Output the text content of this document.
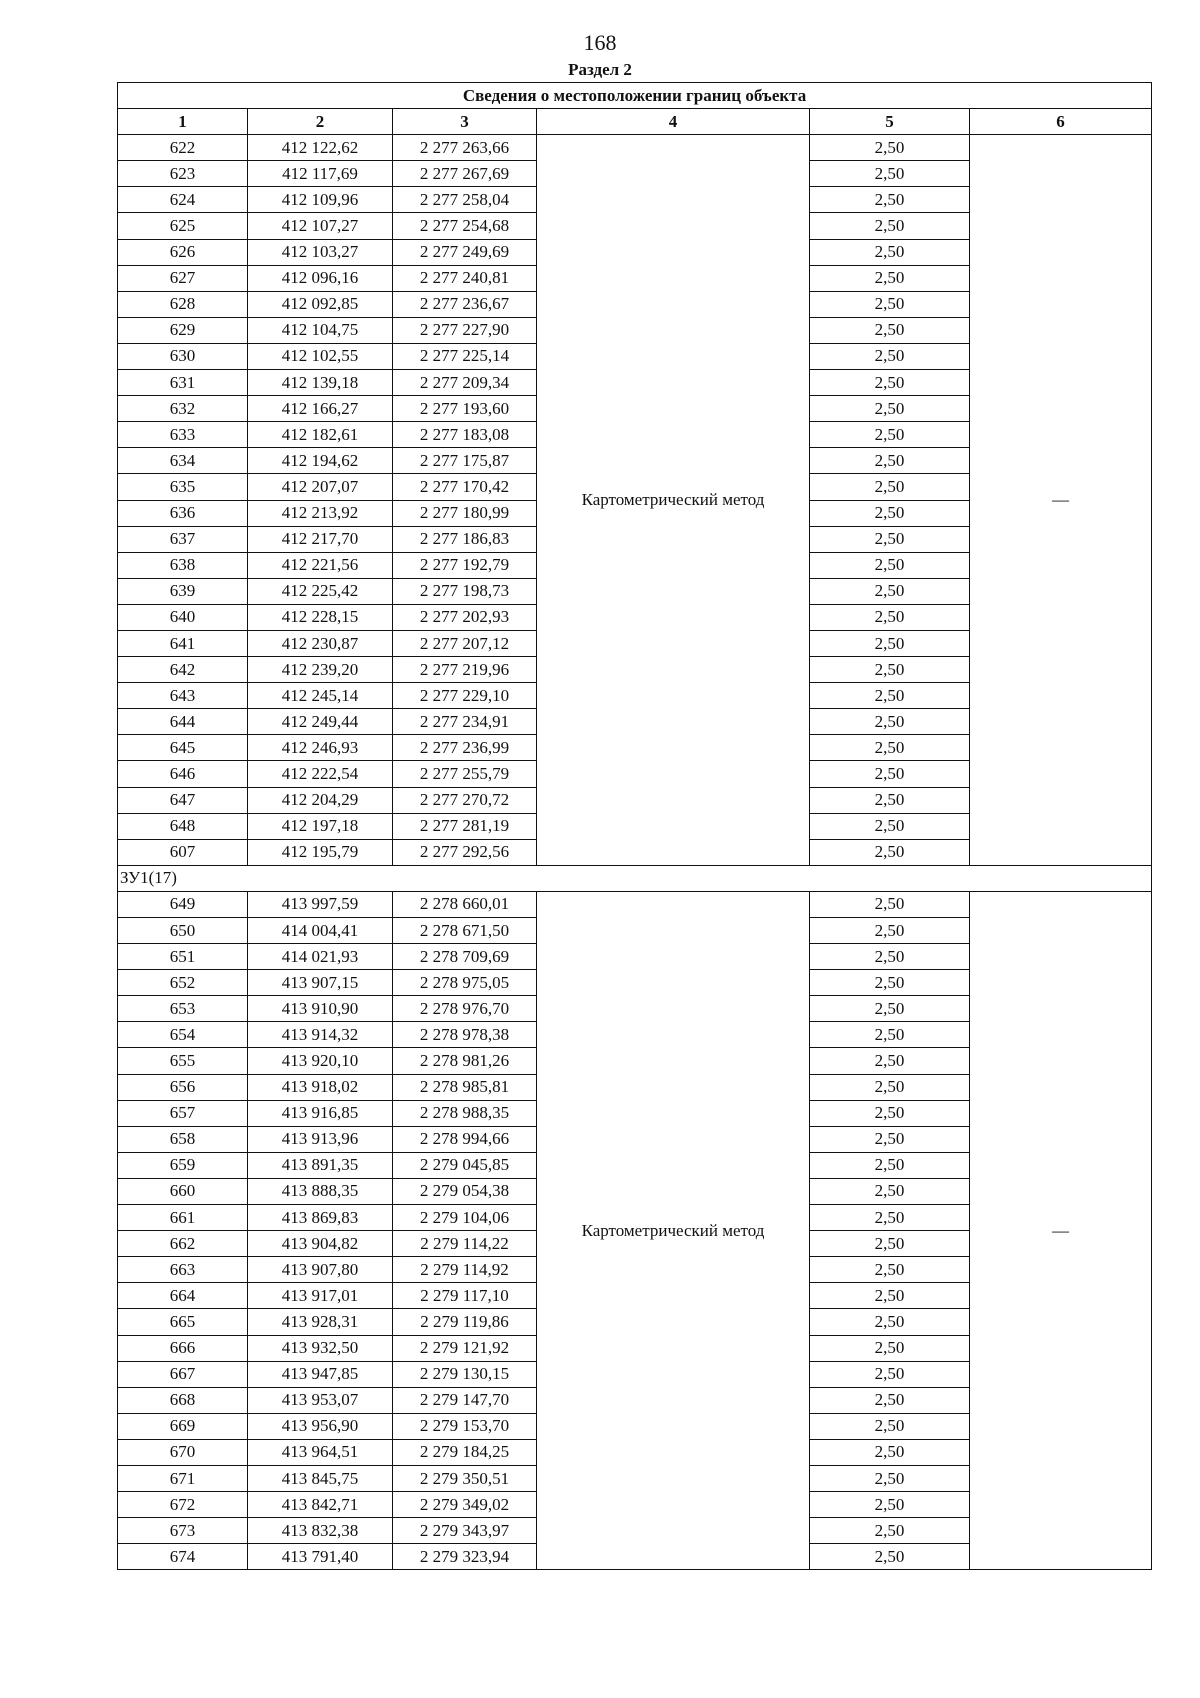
168
Раздел 2
Сведения о местоположении границ объекта					
1	2	3	4	5	6
622	412 122,62	2 277 263,66	Картометрический метод	2,50	—
623	412 117,69	2 277 267,69		2,50	
624	412 109,96	2 277 258,04		2,50	
625	412 107,27	2 277 254,68		2,50	
626	412 103,27	2 277 249,69		2,50	
627	412 096,16	2 277 240,81		2,50	
628	412 092,85	2 277 236,67		2,50	
629	412 104,75	2 277 227,90		2,50	
630	412 102,55	2 277 225,14		2,50	
631	412 139,18	2 277 209,34		2,50	
632	412 166,27	2 277 193,60		2,50	
633	412 182,61	2 277 183,08		2,50	
634	412 194,62	2 277 175,87		2,50	
635	412 207,07	2 277 170,42		2,50	
636	412 213,92	2 277 180,99		2,50	
637	412 217,70	2 277 186,83		2,50	
638	412 221,56	2 277 192,79		2,50	
639	412 225,42	2 277 198,73		2,50	
640	412 228,15	2 277 202,93		2,50	
641	412 230,87	2 277 207,12		2,50	
642	412 239,20	2 277 219,96		2,50	
643	412 245,14	2 277 229,10		2,50	
644	412 249,44	2 277 234,91		2,50	
645	412 246,93	2 277 236,99		2,50	
646	412 222,54	2 277 255,79		2,50	
647	412 204,29	2 277 270,72		2,50	
648	412 197,18	2 277 281,19		2,50	
607	412 195,79	2 277 292,56		2,50	
ЗУ1(17)					
649	413 997,59	2 278 660,01	Картометрический метод	2,50	—
650	414 004,41	2 278 671,50		2,50	
651	414 021,93	2 278 709,69		2,50	
652	413 907,15	2 278 975,05		2,50	
653	413 910,90	2 278 976,70		2,50	
654	413 914,32	2 278 978,38		2,50	
655	413 920,10	2 278 981,26		2,50	
656	413 918,02	2 278 985,81		2,50	
657	413 916,85	2 278 988,35		2,50	
658	413 913,96	2 278 994,66		2,50	
659	413 891,35	2 279 045,85		2,50	
660	413 888,35	2 279 054,38		2,50	
661	413 869,83	2 279 104,06		2,50	
662	413 904,82	2 279 114,22		2,50	
663	413 907,80	2 279 114,92		2,50	
664	413 917,01	2 279 117,10		2,50	
665	413 928,31	2 279 119,86		2,50	
666	413 932,50	2 279 121,92		2,50	
667	413 947,85	2 279 130,15		2,50	
668	413 953,07	2 279 147,70		2,50	
669	413 956,90	2 279 153,70		2,50	
670	413 964,51	2 279 184,25		2,50	
671	413 845,75	2 279 350,51		2,50	
672	413 842,71	2 279 349,02		2,50	
673	413 832,38	2 279 343,97		2,50	
674	413 791,40	2 279 323,94		2,50	
